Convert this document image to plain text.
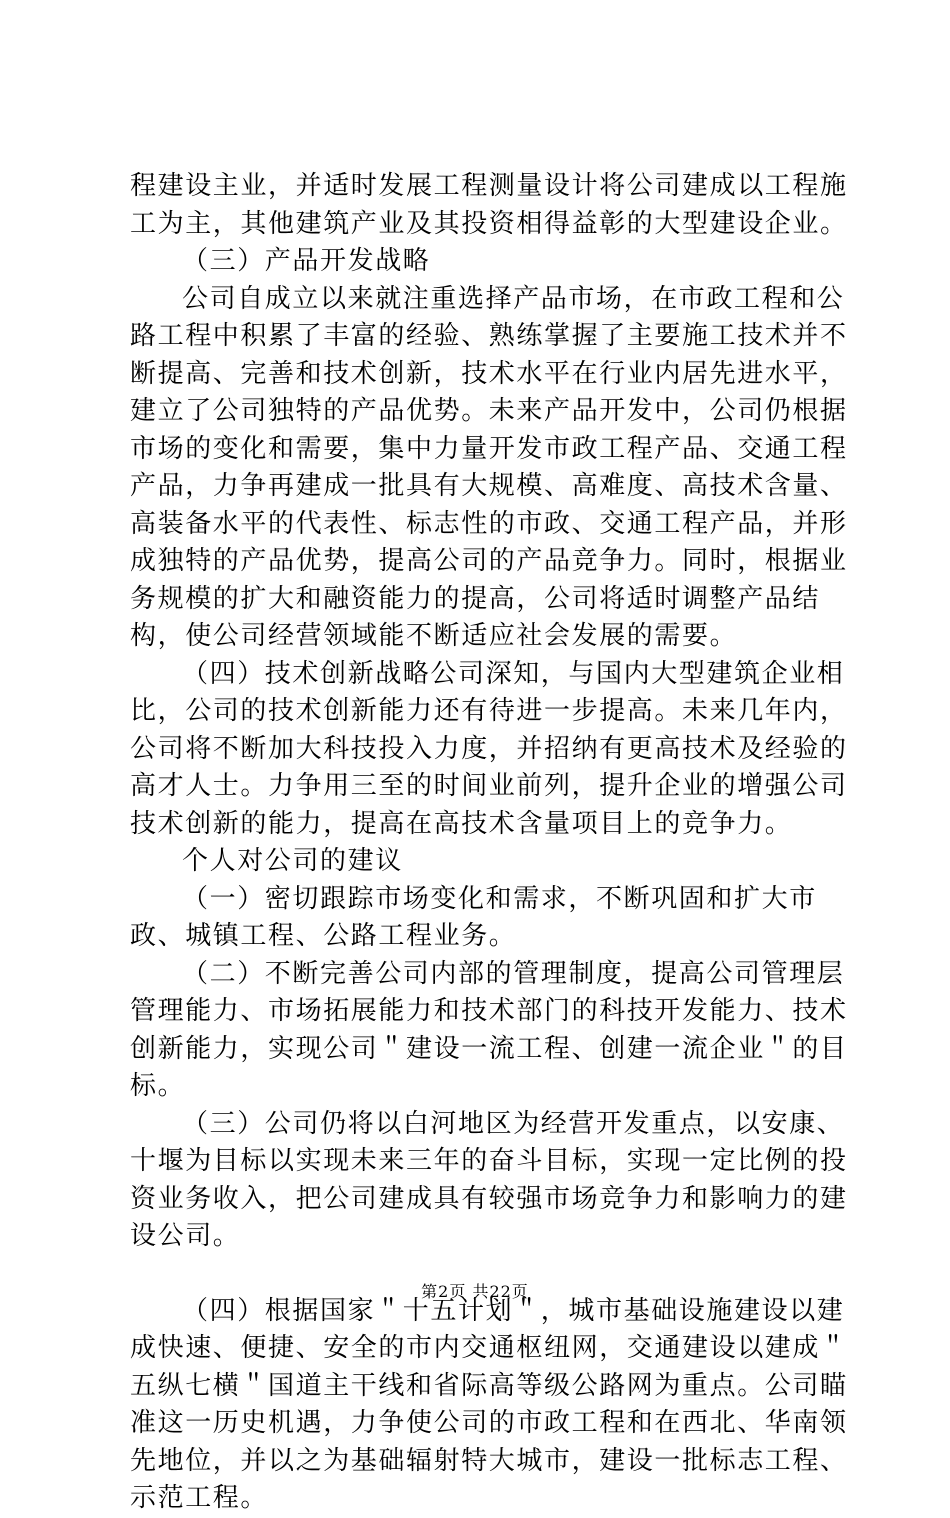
程建设主业，并适时发展工程测量设计将公司建成以工程施工为主，其他建筑产业及其投资相得益彰的大型建设企业。

（三）产品开发战略

公司自成立以来就注重选择产品市场，在市政工程和公路工程中积累了丰富的经验、熟练掌握了主要施工技术并不断提高、完善和技术创新，技术水平在行业内居先进水平，建立了公司独特的产品优势。未来产品开发中，公司仍根据市场的变化和需要，集中力量开发市政工程产品、交通工程产品，力争再建成一批具有大规模、高难度、高技术含量、高装备水平的代表性、标志性的市政、交通工程产品，并形成独特的产品优势，提高公司的产品竞争力。同时，根据业务规模的扩大和融资能力的提高，公司将适时调整产品结构，使公司经营领域能不断适应社会发展的需要。

（四）技术创新战略公司深知，与国内大型建筑企业相比，公司的技术创新能力还有待进一步提高。未来几年内，公司将不断加大科技投入力度，并招纳有更高技术及经验的高才人士。力争用三至的时间业前列，提升企业的增强公司技术创新的能力，提高在高技术含量项目上的竞争力。

个人对公司的建议

（一）密切跟踪市场变化和需求，不断巩固和扩大市政、城镇工程、公路工程业务。

（二）不断完善公司内部的管理制度，提高公司管理层管理能力、市场拓展能力和技术部门的科技开发能力、技术创新能力，实现公司＂建设一流工程、创建一流企业＂的目标。

（三）公司仍将以白河地区为经营开发重点，以安康、十堰为目标以实现未来三年的奋斗目标，实现一定比例的投资业务收入，把公司建成具有较强市场竞争力和影响力的建设公司。

（四）根据国家＂十五计划＂，城市基础设施建设以建成快速、便捷、安全的市内交通枢纽网，交通建设以建成＂五纵七横＂国道主干线和省际高等级公路网为重点。公司瞄准这一历史机遇，力争使公司的市政工程和在西北、华南领先地位，并以之为基础辐射特大城市，建设一批标志工程、示范工程。

第2页 共22页
